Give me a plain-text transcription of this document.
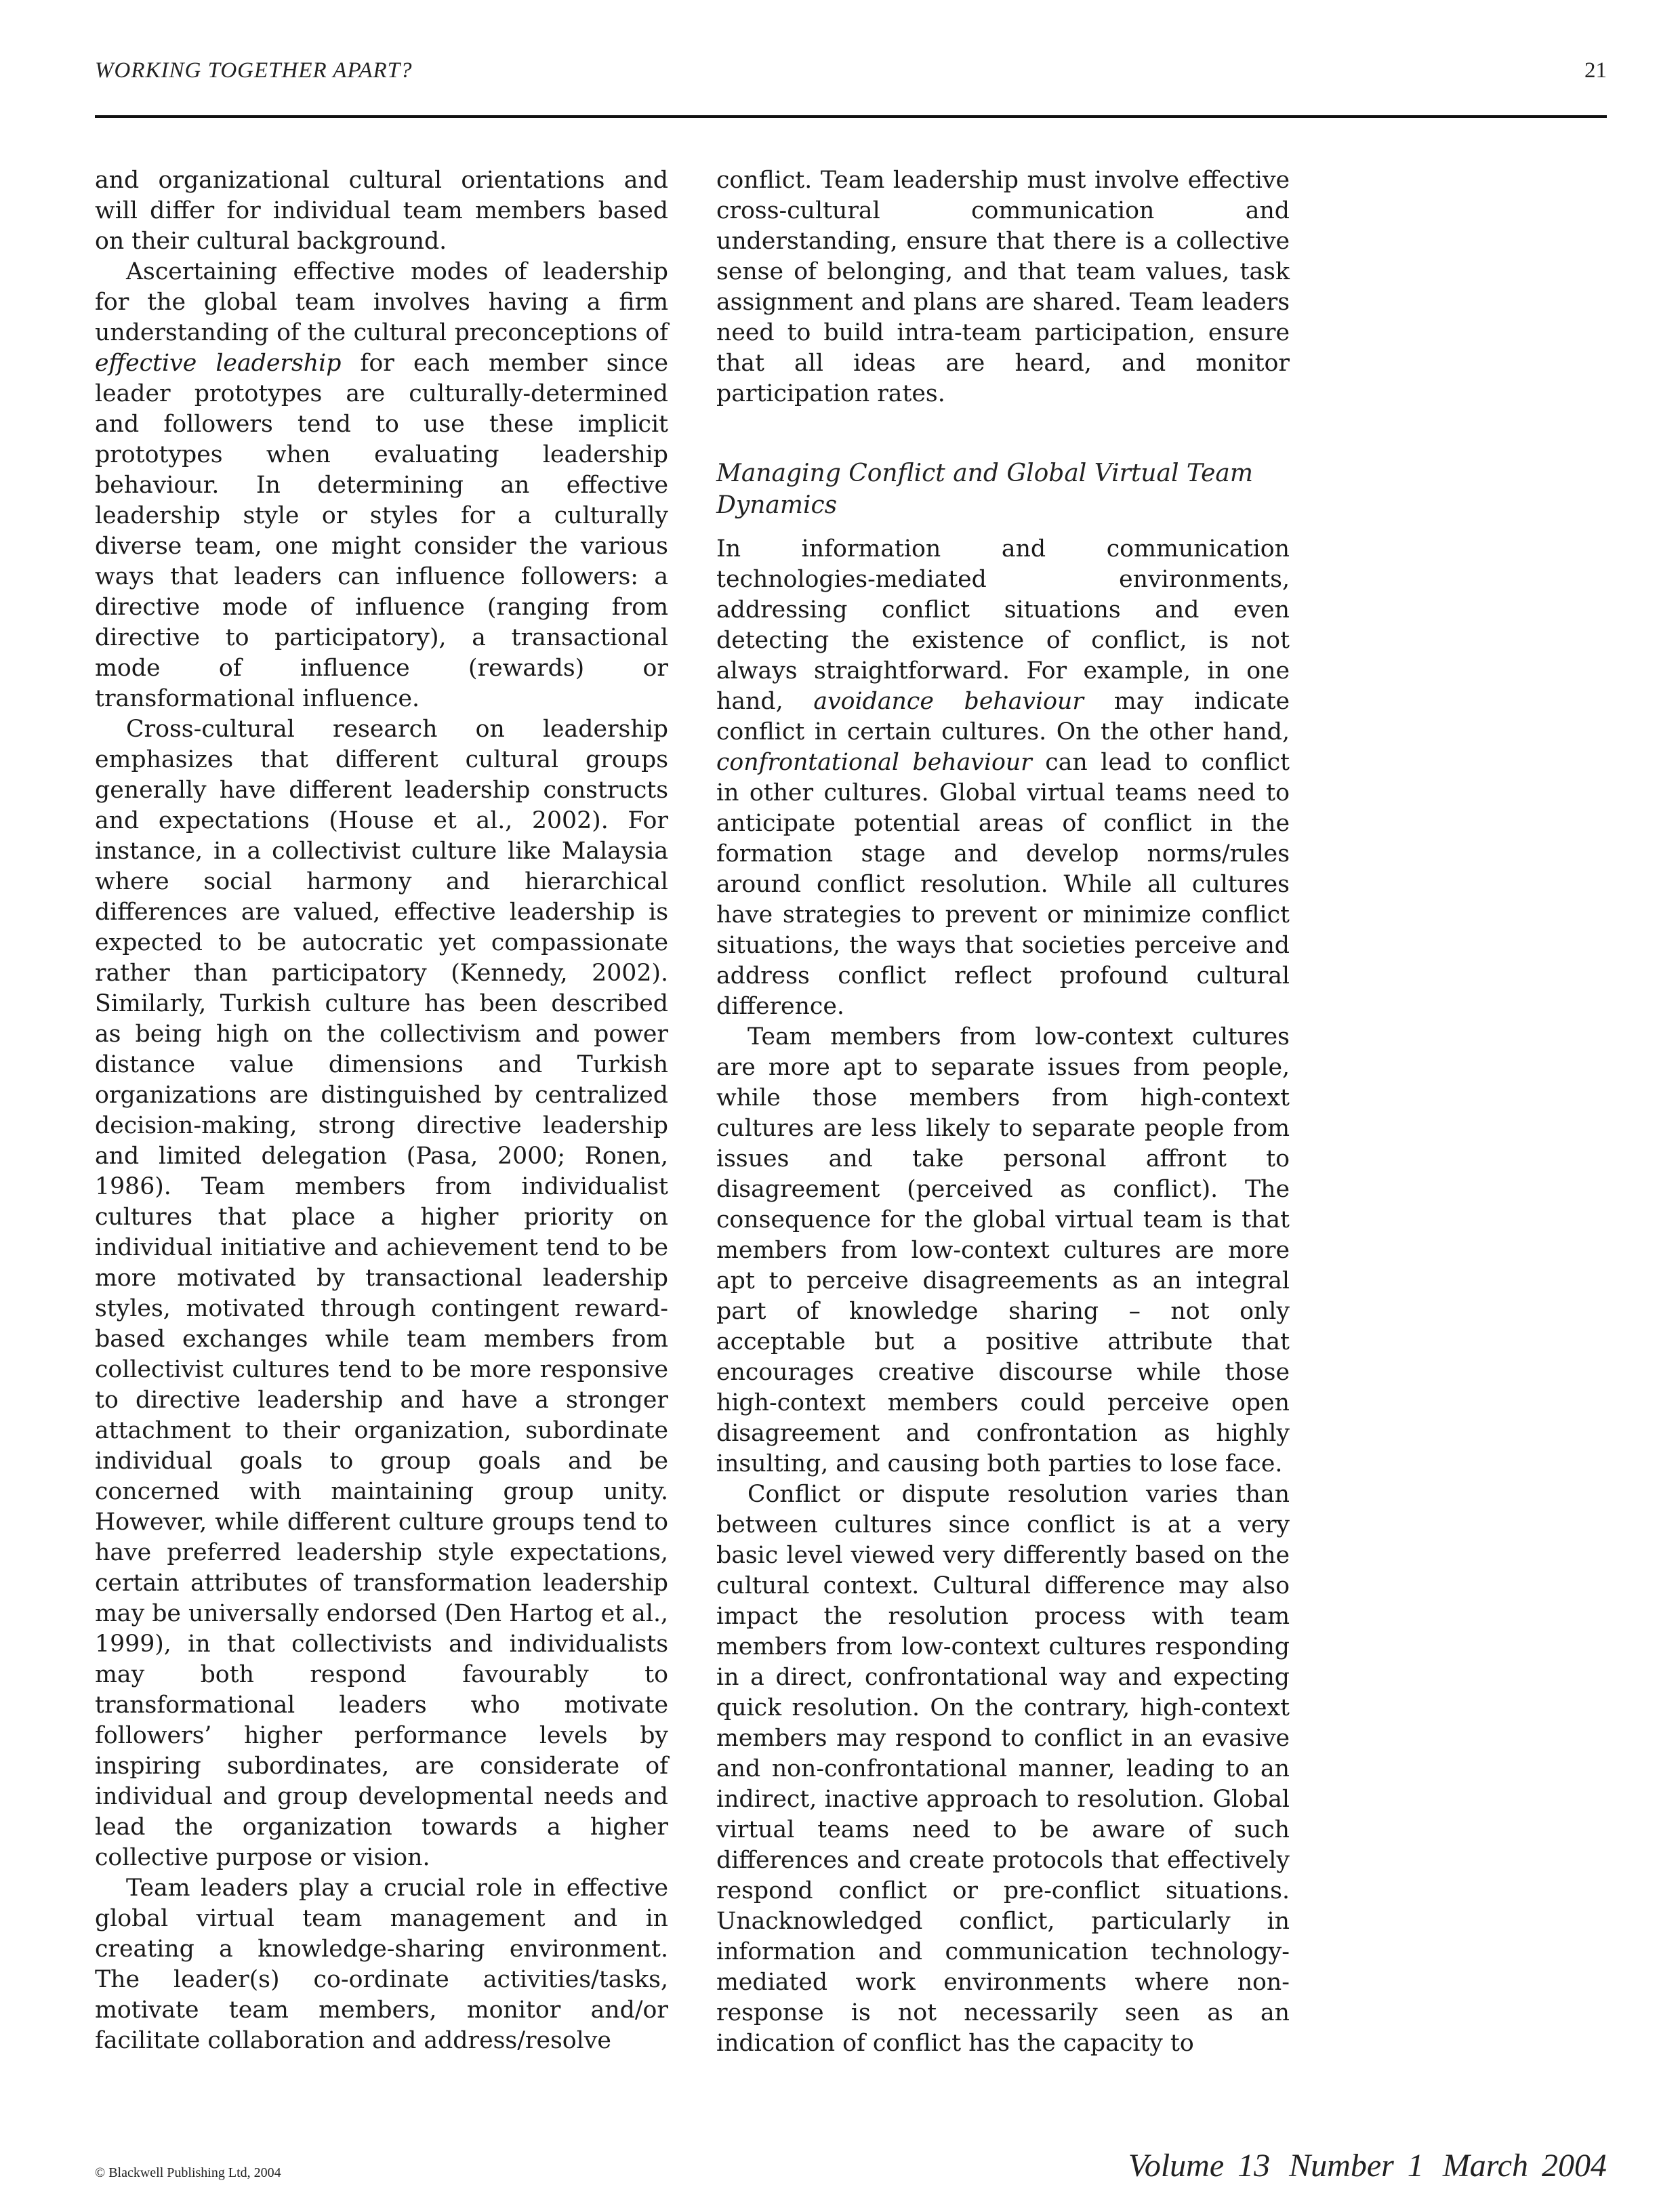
WORKING TOGETHER APART?	21

and organizational cultural orientations and will differ for individual team members based on their cultural background.

Ascertaining effective modes of leadership for the global team involves having a firm understanding of the cultural preconceptions of effective leadership for each member since leader prototypes are culturally-determined and followers tend to use these implicit prototypes when evaluating leadership behaviour. In determining an effective leadership style or styles for a culturally diverse team, one might consider the various ways that leaders can influence followers: a directive mode of influence (ranging from directive to participatory), a transactional mode of influence (rewards) or transformational influence.

Cross-cultural research on leadership emphasizes that different cultural groups generally have different leadership constructs and expectations (House et al., 2002). For instance, in a collectivist culture like Malaysia where social harmony and hierarchical differences are valued, effective leadership is expected to be autocratic yet compassionate rather than participatory (Kennedy, 2002). Similarly, Turkish culture has been described as being high on the collectivism and power distance value dimensions and Turkish organizations are distinguished by centralized decision-making, strong directive leadership and limited delegation (Pasa, 2000; Ronen, 1986). Team members from individualist cultures that place a higher priority on individual initiative and achievement tend to be more motivated by transactional leadership styles, motivated through contingent reward-based exchanges while team members from collectivist cultures tend to be more responsive to directive leadership and have a stronger attachment to their organization, subordinate individual goals to group goals and be concerned with maintaining group unity. However, while different culture groups tend to have preferred leadership style expectations, certain attributes of transformation leadership may be universally endorsed (Den Hartog et al., 1999), in that collectivists and individualists may both respond favourably to transformational leaders who motivate followers’ higher performance levels by inspiring subordinates, are considerate of individual and group developmental needs and lead the organization towards a higher collective purpose or vision.

Team leaders play a crucial role in effective global virtual team management and in creating a knowledge-sharing environment. The leader(s) co-ordinate activities/tasks, motivate team members, monitor and/or facilitate collaboration and address/resolve

conflict. Team leadership must involve effective cross-cultural communication and understanding, ensure that there is a collective sense of belonging, and that team values, task assignment and plans are shared. Team leaders need to build intra-team participation, ensure that all ideas are heard, and monitor participation rates.

Managing Conflict and Global Virtual Team Dynamics

In information and communication technologies-mediated environments, addressing conflict situations and even detecting the existence of conflict, is not always straightforward. For example, in one hand, avoidance behaviour may indicate conflict in certain cultures. On the other hand, confrontational behaviour can lead to conflict in other cultures. Global virtual teams need to anticipate potential areas of conflict in the formation stage and develop norms/rules around conflict resolution. While all cultures have strategies to prevent or minimize conflict situations, the ways that societies perceive and address conflict reflect profound cultural difference.

Team members from low-context cultures are more apt to separate issues from people, while those members from high-context cultures are less likely to separate people from issues and take personal affront to disagreement (perceived as conflict). The consequence for the global virtual team is that members from low-context cultures are more apt to perceive disagreements as an integral part of knowledge sharing – not only acceptable but a positive attribute that encourages creative discourse while those high-context members could perceive open disagreement and confrontation as highly insulting, and causing both parties to lose face.

Conflict or dispute resolution varies than between cultures since conflict is at a very basic level viewed very differently based on the cultural context. Cultural difference may also impact the resolution process with team members from low-context cultures responding in a direct, confrontational way and expecting quick resolution. On the contrary, high-context members may respond to conflict in an evasive and non-confrontational manner, leading to an indirect, inactive approach to resolution. Global virtual teams need to be aware of such differences and create protocols that effectively respond conflict or pre-conflict situations. Unacknowledged conflict, particularly in information and communication technology-mediated work environments where non-response is not necessarily seen as an indication of conflict has the capacity to

© Blackwell Publishing Ltd, 2004	Volume 13 Number 1 March 2004
